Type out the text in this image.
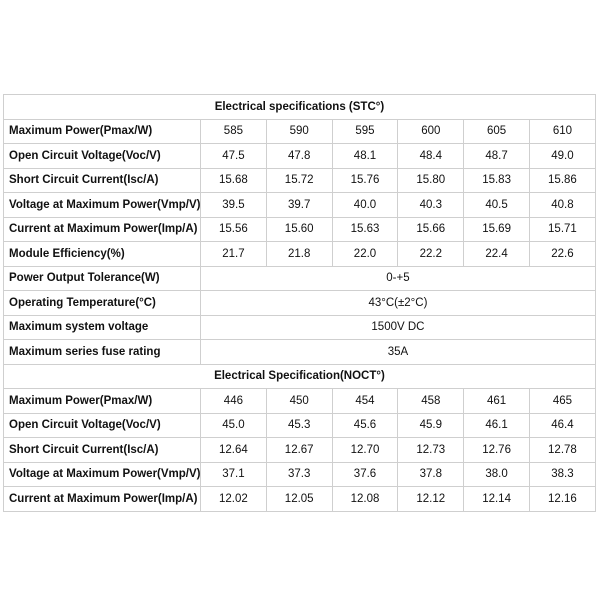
Electrical specifications (STC°)						
Maximum Power(Pmax/W)	585	590	595	600	605	610
Open Circuit Voltage(Voc/V)	47.5	47.8	48.1	48.4	48.7	49.0
Short Circuit Current(Isc/A)	15.68	15.72	15.76	15.80	15.83	15.86
Voltage at Maximum Power(Vmp/V)	39.5	39.7	40.0	40.3	40.5	40.8
Current at Maximum Power(Imp/A)	15.56	15.60	15.63	15.66	15.69	15.71
Module Efficiency(%)	21.7	21.8	22.0	22.2	22.4	22.6
Power Output Tolerance(W)	0-+5					
Operating Temperature(°C)	43°C(±2°C)					
Maximum system voltage	1500V DC					
Maximum series fuse rating	35A					
Electrical Specification(NOCT°)						
Maximum Power(Pmax/W)	446	450	454	458	461	465
Open Circuit Voltage(Voc/V)	45.0	45.3	45.6	45.9	46.1	46.4
Short Circuit Current(Isc/A)	12.64	12.67	12.70	12.73	12.76	12.78
Voltage at Maximum Power(Vmp/V)	37.1	37.3	37.6	37.8	38.0	38.3
Current at Maximum Power(Imp/A)	12.02	12.05	12.08	12.12	12.14	12.16
